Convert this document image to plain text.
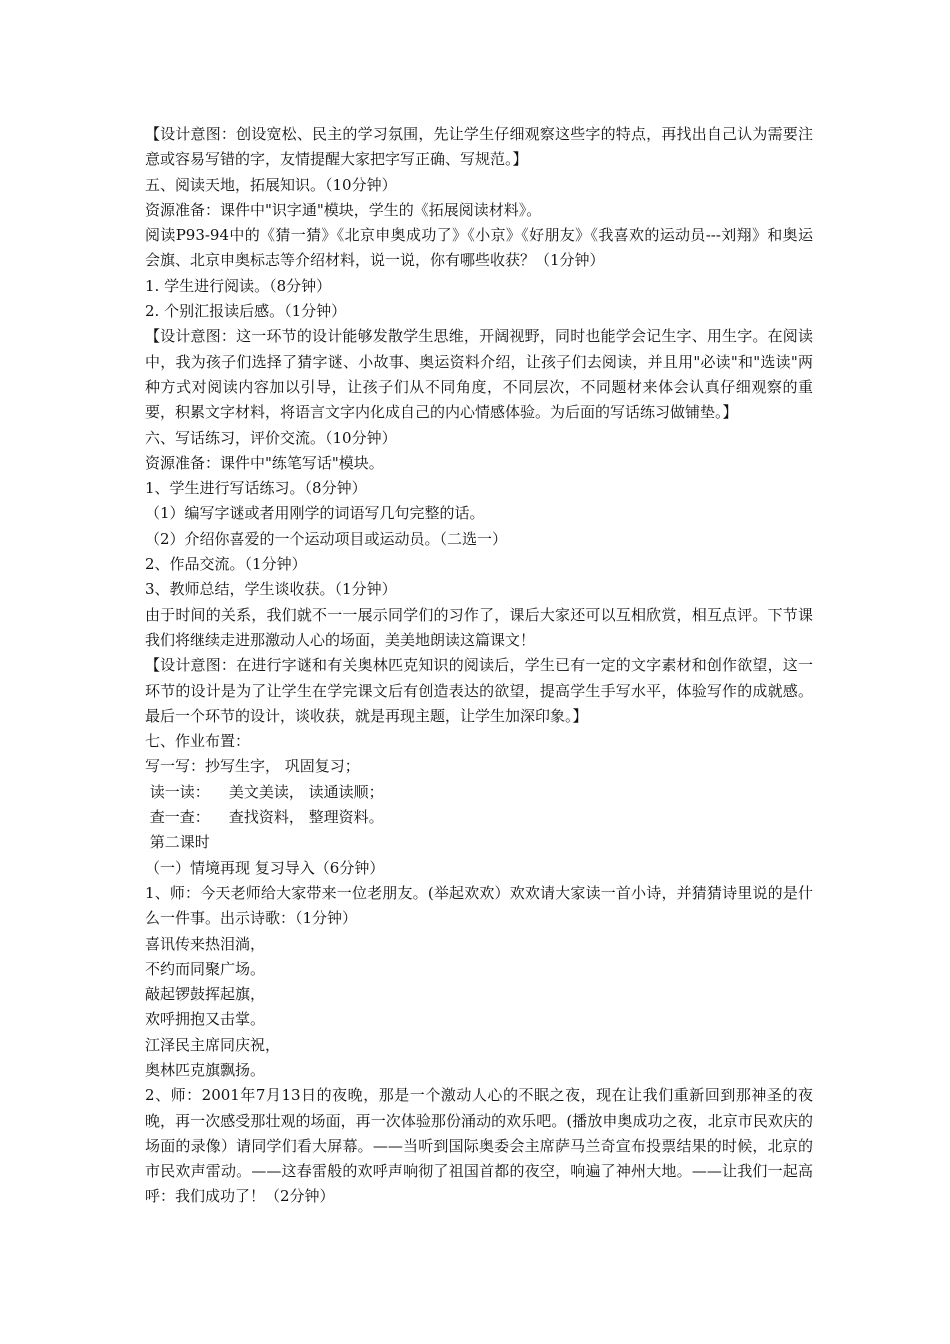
【设计意图：创设宽松、民主的学习氛围，先让学生仔细观察这些字的特点，再找出自己认为需要注意或容易写错的字，友情提醒大家把字写正确、写规范。】

五、阅读天地，拓展知识。（10分钟）

资源准备：课件中"识字通"模块，学生的《拓展阅读材料》。

阅读P93-94中的《猜一猜》《北京申奥成功了》《小京》《好朋友》《我喜欢的运动员---刘翔》和奥运会旗、北京申奥标志等介绍材料，说一说，你有哪些收获？（1分钟）

1. 学生进行阅读。（8分钟）

2. 个别汇报读后感。（1分钟）

【设计意图：这一环节的设计能够发散学生思维，开阔视野，同时也能学会记生字、用生字。在阅读中，我为孩子们选择了猜字谜、小故事、奥运资料介绍，让孩子们去阅读，并且用"必读"和"选读"两种方式对阅读内容加以引导，让孩子们从不同角度，不同层次，不同题材来体会认真仔细观察的重要，积累文字材料，将语言文字内化成自己的内心情感体验。为后面的写话练习做铺垫。】

六、写话练习，评价交流。（10分钟）

资源准备：课件中"练笔写话"模块。

1、学生进行写话练习。（8分钟）

（1）编写字谜或者用刚学的词语写几句完整的话。

（2）介绍你喜爱的一个运动项目或运动员。（二选一）

2、作品交流。（1分钟）

3、教师总结，学生谈收获。（1分钟）

由于时间的关系，我们就不一一展示同学们的习作了，课后大家还可以互相欣赏，相互点评。下节课我们将继续走进那激动人心的场面，美美地朗读这篇课文！

【设计意图：在进行字谜和有关奥林匹克知识的阅读后，学生已有一定的文字素材和创作欲望，这一环节的设计是为了让学生在学完课文后有创造表达的欲望，提高学生手写水平，体验写作的成就感。最后一个环节的设计，谈收获，就是再现主题，让学生加深印象。】

七、作业布置：

写一写：抄写生字， 巩固复习；

读一读：    美文美读， 读通读顺；

查一查：    查找资料， 整理资料。

第二课时

（一）情境再现 复习导入（6分钟）

1、师：今天老师给大家带来一位老朋友。(举起欢欢）欢欢请大家读一首小诗，并猜猜诗里说的是什么一件事。出示诗歌：（1分钟）

喜讯传来热泪淌，

不约而同聚广场。

敲起锣鼓挥起旗，

欢呼拥抱又击掌。

江泽民主席同庆祝，

奥林匹克旗飘扬。

2、师：2001年7月13日的夜晚，那是一个激动人心的不眠之夜，现在让我们重新回到那神圣的夜晚，再一次感受那壮观的场面，再一次体验那份涌动的欢乐吧。(播放申奥成功之夜，北京市民欢庆的场面的录像）请同学们看大屏幕。——当听到国际奥委会主席萨马兰奇宣布投票结果的时候，北京的市民欢声雷动。——这春雷般的欢呼声响彻了祖国首都的夜空，响遍了神州大地。——让我们一起高呼：我们成功了！（2分钟）
